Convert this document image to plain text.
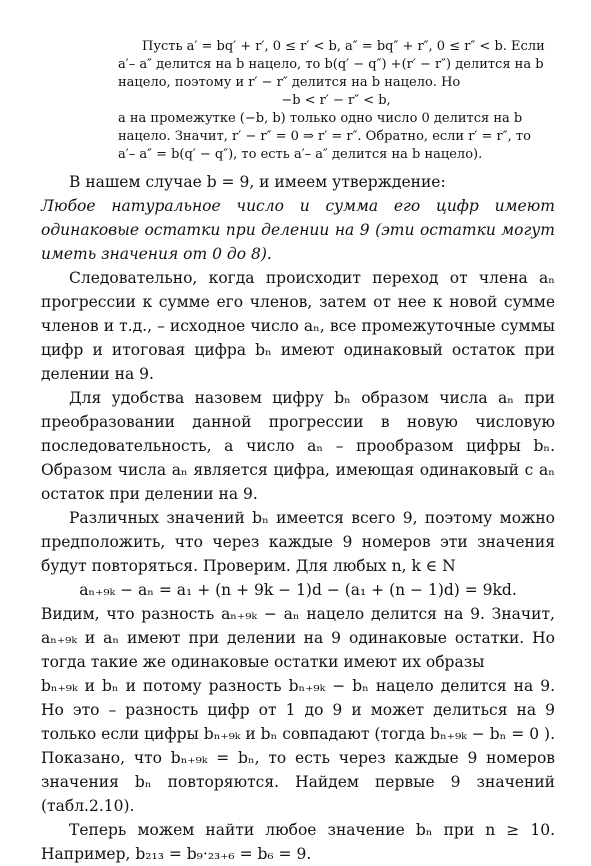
Пусть a′ = bq′ + r′, 0 ≤ r′ < b, a″ = bq″ + r″, 0 ≤ r″ < b. Если

a′– a″ делится на b нацело, то b(q′ − q″) +(r′ − r″) делится на b

нацело, поэтому и r′ − r″ делится на b нацело. Но

−b < r′ − r″ < b,

а на промежутке (−b, b) только одно число 0 делится на b

нацело. Значит, r′ − r″ = 0 ⇒ r′ = r″. Обратно, если r′ = r″, то

a′– a″ = b(q′ − q″), то есть a′– a″ делится на b нацело).

В нашем случае b = 9, и имеем утверждение:

Любое натуральное число и сумма его цифр имеют одинаковые остатки при делении на 9 (эти остатки могут иметь значения от 0 до 8).

Следовательно, когда происходит переход от члена aₙ прогрессии к сумме его членов, затем от нее к новой сумме членов и т.д., – исходное число aₙ, все промежуточные суммы цифр и итоговая цифра bₙ имеют одинаковый остаток при делении на 9.

Для удобства назовем цифру bₙ образом числа aₙ при преобразовании данной прогрессии в новую числовую последовательность, а число aₙ – прообразом цифры bₙ. Образом числа aₙ является цифра, имеющая одинаковый с aₙ остаток при делении на 9.

Различных значений bₙ имеется всего 9, поэтому можно предположить, что через каждые 9 номеров эти значения будут повторяться. Проверим. Для любых n, k ∈ N

aₙ₊₉ₖ − aₙ = a₁ + (n + 9k − 1)d − (a₁ + (n − 1)d) = 9kd.

Видим, что разность aₙ₊₉ₖ − aₙ нацело делится на 9. Значит, aₙ₊₉ₖ и aₙ имеют при делении на 9 одинаковые остатки. Но тогда такие же одинаковые остатки имеют их образы

bₙ₊₉ₖ и bₙ и потому разность bₙ₊₉ₖ − bₙ нацело делится на 9. Но это – разность цифр от 1 до 9 и может делиться на 9 только если цифры bₙ₊₉ₖ и bₙ совпадают (тогда bₙ₊₉ₖ − bₙ = 0 ). Показано, что bₙ₊₉ₖ = bₙ, то есть через каждые 9 номеров значения bₙ повторяются. Найдем первые 9 значений (табл.2.10).

Теперь можем найти любое значение bₙ при n ≥ 10. Например, b₂₁₃ = b₉·₂₃₊₆ = b₆ = 9.
